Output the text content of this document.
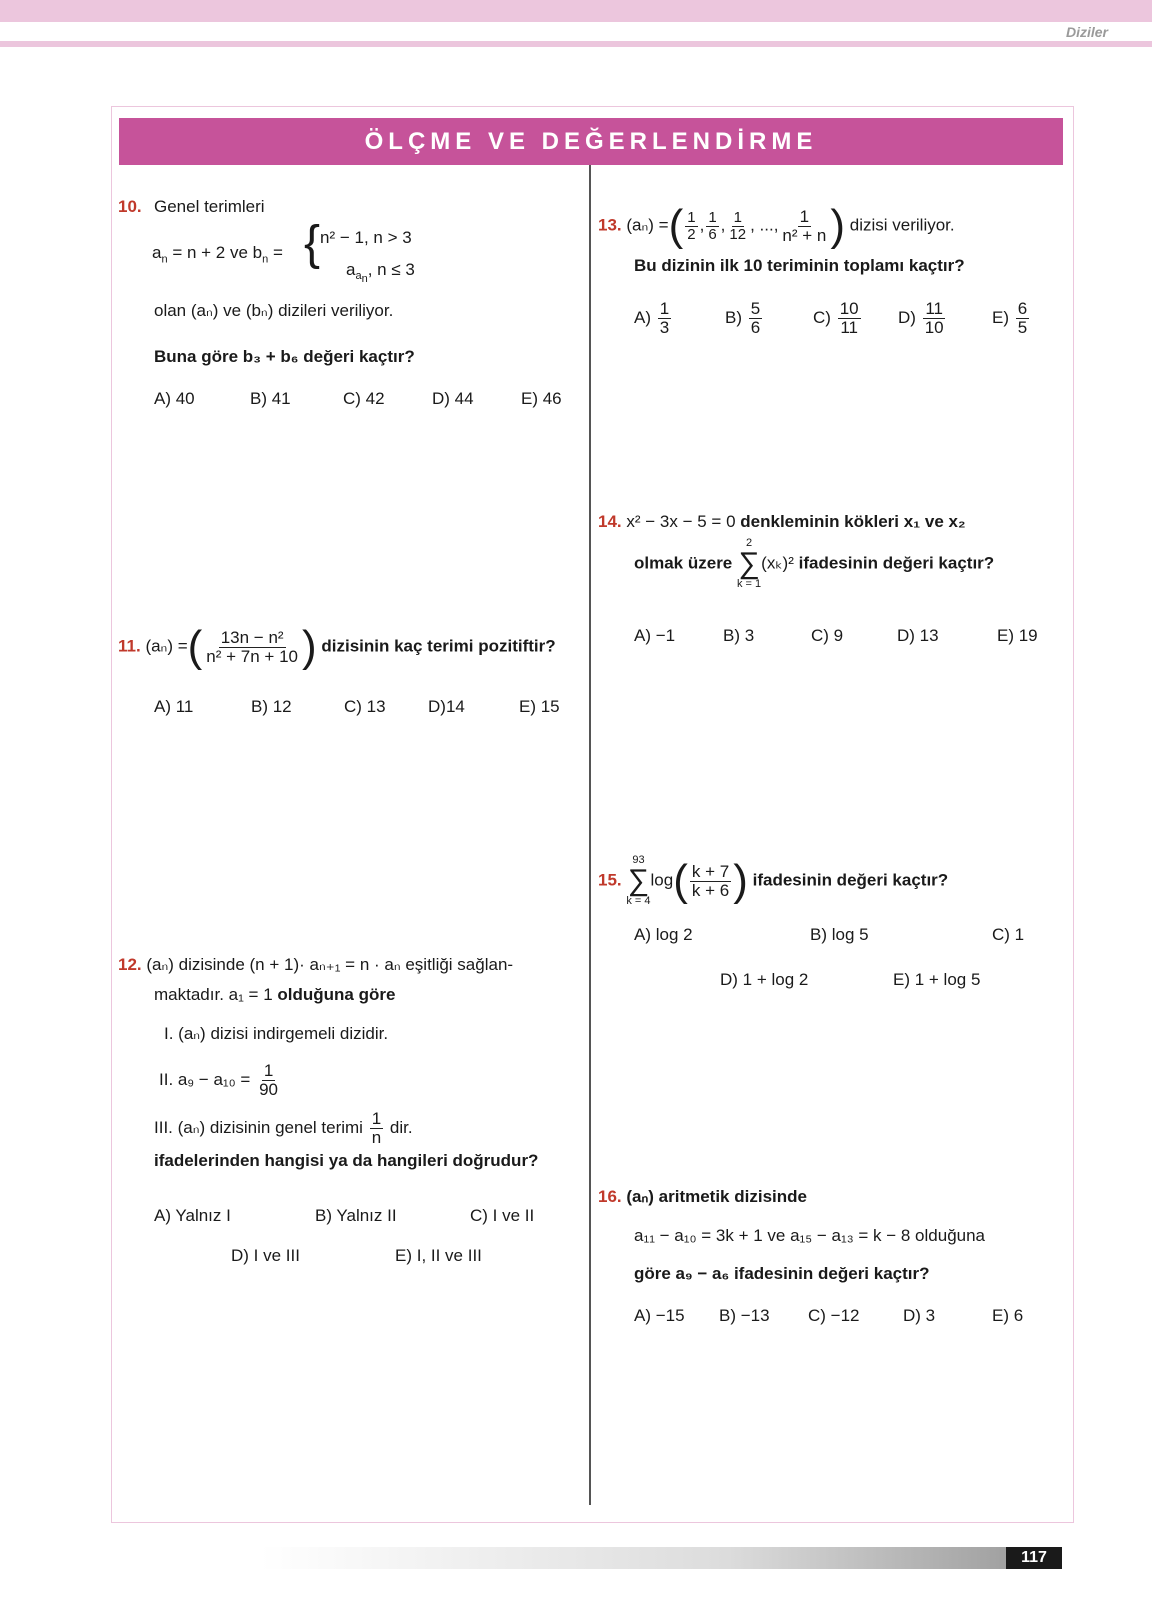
Diziler
ÖLÇME VE DEĞERLENDİRME
10. Genel terimleri
$a_n = n + 2$ ve $b_n$ = { n² − 1, n > 3
$a_{a_n}$, n ≤ 3
olan (aₙ) ve (bₙ) dizileri veriliyor.
Buna göre b₃ + b₆ değeri kaçtır?
A) 40	B) 41	C) 42	D) 44	E) 46
11. (aₙ) =( $\frac{\text{13n − n²}}{\text{n² + 7n + 10}}$ ) dizisinin kaç terimi pozitiftir?
A) 11	B) 12	C) 13 D)14	E) 15
12. (aₙ) dizisinde (n + 1)· aₙ₊₁ = n · aₙ eşitliği sağlan-
maktadır. a₁ = 1 olduğuna göre
I. (aₙ) dizisi indirgemeli dizidir.
II. $a_9 - a_{10} = \frac{1}{90}$
III. (aₙ) dizisinin genel terimi $\frac{1}{n}$ dir.
ifadelerinden hangisi ya da hangileri doğrudur?
A) Yalnız I	B) Yalnız II	C) I ve II
D) I ve III	E) I, II ve III
13. (aₙ) =( $\frac{1}{2}$ , $\frac{1}{6}$ , $\frac{1}{12}$ , ..., $\frac{1}{\text{n² + n}}$ ) dizisi veriliyor.
Bu dizinin ilk 10 teriminin toplamı kaçtır?
$A) \frac{1}{3}$	$B) \frac{5}{6}$	$C) \frac{10}{11} D) \frac{11}{10}$	$E) \frac{6}{5}$
14. x² − 3x − 5 = 0 denkleminin kökleri x₁ ve x₂
olmak üzere
2
∑
k = 1
(xₖ)² ifadesinin değeri kaçtır?
A) −1	B) 3	C) 9	D) 13	E) 19
15.
93
∑
k = 4
$\log( \frac{k + 7}{k + 6}$ ) ifadesinin değeri kaçtır?
A) log 2	B) log 5	C) 1
D) 1 + log 2	E) 1 + log 5
16. (aₙ) aritmetik dizisinde
a₁₁ − a₁₀ = 3k + 1 ve a₁₅ − a₁₃ = k − 8 olduğuna
göre a₉ − a₆ ifadesinin değeri kaçtır?
A) −15 B) −13 C) −12	D) 3	E) 6
117
